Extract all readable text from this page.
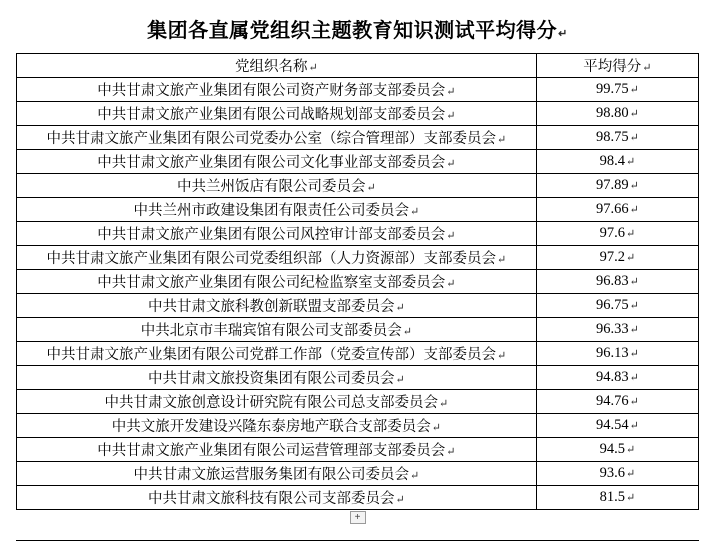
集团各直属党组织主题教育知识测试平均得分↵
党组织名称↵	平均得分↵
中共甘肃文旅产业集团有限公司资产财务部支部委员会↵	99.75↵
中共甘肃文旅产业集团有限公司战略规划部支部委员会↵	98.80↵
中共甘肃文旅产业集团有限公司党委办公室（综合管理部）支部委员会↵	98.75↵
中共甘肃文旅产业集团有限公司文化事业部支部委员会↵	98.4↵
中共兰州饭店有限公司委员会↵	97.89↵
中共兰州市政建设集团有限责任公司委员会↵	97.66↵
中共甘肃文旅产业集团有限公司风控审计部支部委员会↵	97.6↵
中共甘肃文旅产业集团有限公司党委组织部（人力资源部）支部委员会↵	97.2↵
中共甘肃文旅产业集团有限公司纪检监察室支部委员会↵	96.83↵
中共甘肃文旅科教创新联盟支部委员会↵	96.75↵
中共北京市丰瑞宾馆有限公司支部委员会↵	96.33↵
中共甘肃文旅产业集团有限公司党群工作部（党委宣传部）支部委员会↵	96.13↵
中共甘肃文旅投资集团有限公司委员会↵	94.83↵
中共甘肃文旅创意设计研究院有限公司总支部委员会↵	94.76↵
中共文旅开发建设兴隆东泰房地产联合支部委员会↵	94.54↵
中共甘肃文旅产业集团有限公司运营管理部支部委员会↵	94.5↵
中共甘肃文旅运营服务集团有限公司委员会↵	93.6↵
中共甘肃文旅科技有限公司支部委员会↵	81.5↵
+
